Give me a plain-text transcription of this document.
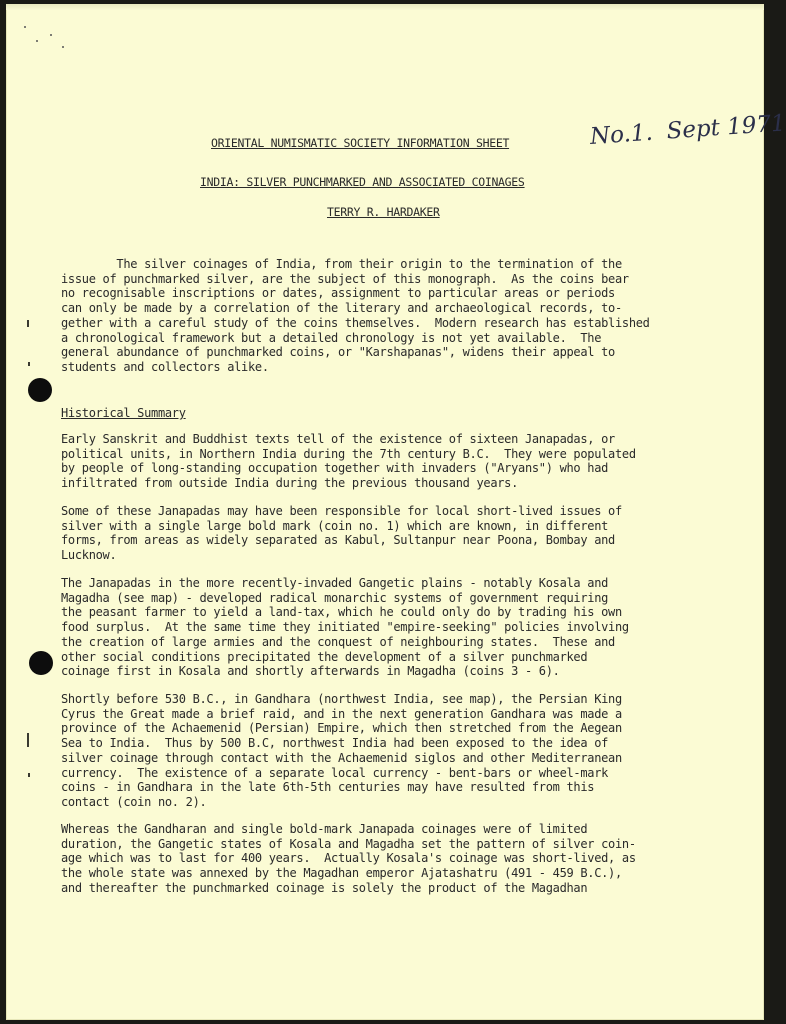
ORIENTAL NUMISMATIC SOCIETY INFORMATION SHEET	No.1. Sept 1971
INDIA: SILVER PUNCHMARKED AND ASSOCIATED COINAGES
TERRY R. HARDAKER
The silver coinages of India, from their origin to the termination of the
issue of punchmarked silver, are the subject of this monograph.  As the coins bear
no recognisable inscriptions or dates, assignment to particular areas or periods
can only be made by a correlation of the literary and archaeological records, to-
gether with a careful study of the coins themselves.  Modern research has established
a chronological framework but a detailed chronology is not yet available.  The
general abundance of punchmarked coins, or "Karshapanas", widens their appeal to
students and collectors alike.
Historical Summary
Early Sanskrit and Buddhist texts tell of the existence of sixteen Janapadas, or
political units, in Northern India during the 7th century B.C.  They were populated
by people of long-standing occupation together with invaders ("Aryans") who had
infiltrated from outside India during the previous thousand years.
Some of these Janapadas may have been responsible for local short-lived issues of
silver with a single large bold mark (coin no. 1) which are known, in different
forms, from areas as widely separated as Kabul, Sultanpur near Poona, Bombay and
Lucknow.
The Janapadas in the more recently-invaded Gangetic plains - notably Kosala and
Magadha (see map) - developed radical monarchic systems of government requiring
the peasant farmer to yield a land-tax, which he could only do by trading his own
food surplus.  At the same time they initiated "empire-seeking" policies involving
the creation of large armies and the conquest of neighbouring states.  These and
other social conditions precipitated the development of a silver punchmarked
coinage first in Kosala and shortly afterwards in Magadha (coins 3 - 6).
Shortly before 530 B.C., in Gandhara (northwest India, see map), the Persian King
Cyrus the Great made a brief raid, and in the next generation Gandhara was made a
province of the Achaemenid (Persian) Empire, which then stretched from the Aegean
Sea to India.  Thus by 500 B.C, northwest India had been exposed to the idea of
silver coinage through contact with the Achaemenid siglos and other Mediterranean
currency.  The existence of a separate local currency - bent-bars or wheel-mark
coins - in Gandhara in the late 6th-5th centuries may have resulted from this
contact (coin no. 2).
Whereas the Gandharan and single bold-mark Janapada coinages were of limited
duration, the Gangetic states of Kosala and Magadha set the pattern of silver coin-
age which was to last for 400 years.  Actually Kosala's coinage was short-lived, as
the whole state was annexed by the Magadhan emperor Ajatashatru (491 - 459 B.C.),
and thereafter the punchmarked coinage is solely the product of the Magadhan
